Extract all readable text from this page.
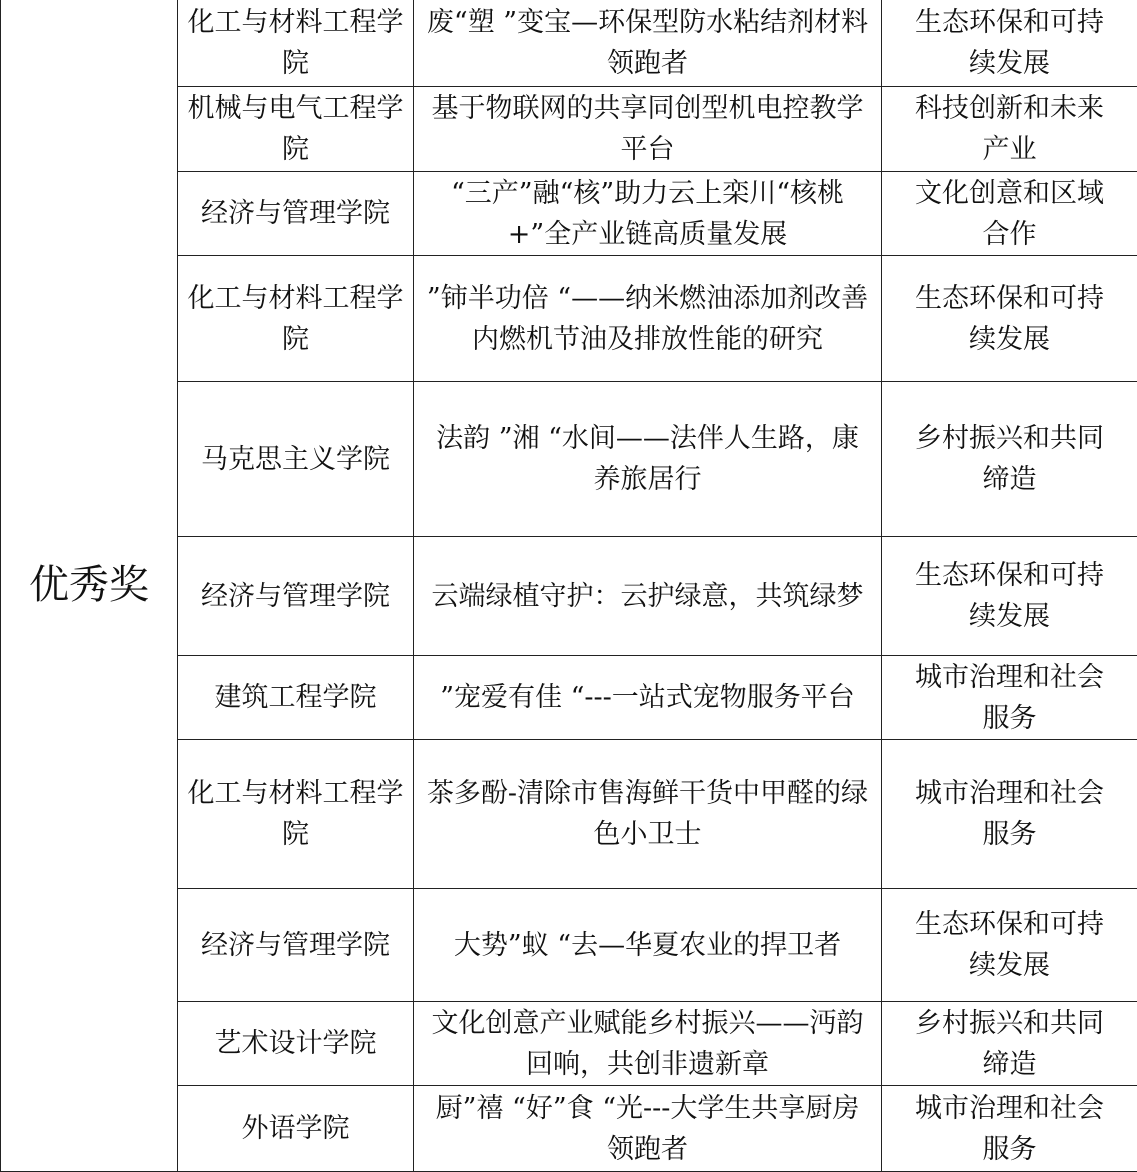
优秀奖	化工与材料工程学院	废“塑 ”变宝—环保型防水粘结剂材料领跑者	生态环保和可持续发展

	机械与电气工程学院	基于物联网的共享同创型机电控教学平台	科技创新和未来产业

	经济与管理学院	“三产”融“核”助力云上栾川“核桃+”全产业链高质量发展	文化创意和区域合作

	化工与材料工程学院	”铈半功倍 “——纳米燃油添加剂改善内燃机节油及排放性能的研究	生态环保和可持续发展

	马克思主义学院	法韵 ”湘 “水间——法伴人生路，康养旅居行	乡村振兴和共同缔造

	经济与管理学院	云端绿植守护：云护绿意，共筑绿梦	生态环保和可持续发展

	建筑工程学院	”宠爱有佳 “---一站式宠物服务平台	城市治理和社会服务

	化工与材料工程学院	茶多酚-清除市售海鲜干货中甲醛的绿色小卫士	城市治理和社会服务

	经济与管理学院	大势”蚁 “去—华夏农业的捍卫者	生态环保和可持续发展

	艺术设计学院	文化创意产业赋能乡村振兴——沔韵回响，共创非遗新章	乡村振兴和共同缔造

	外语学院	厨”禧 “好”食 “光---大学生共享厨房领跑者	城市治理和社会服务
